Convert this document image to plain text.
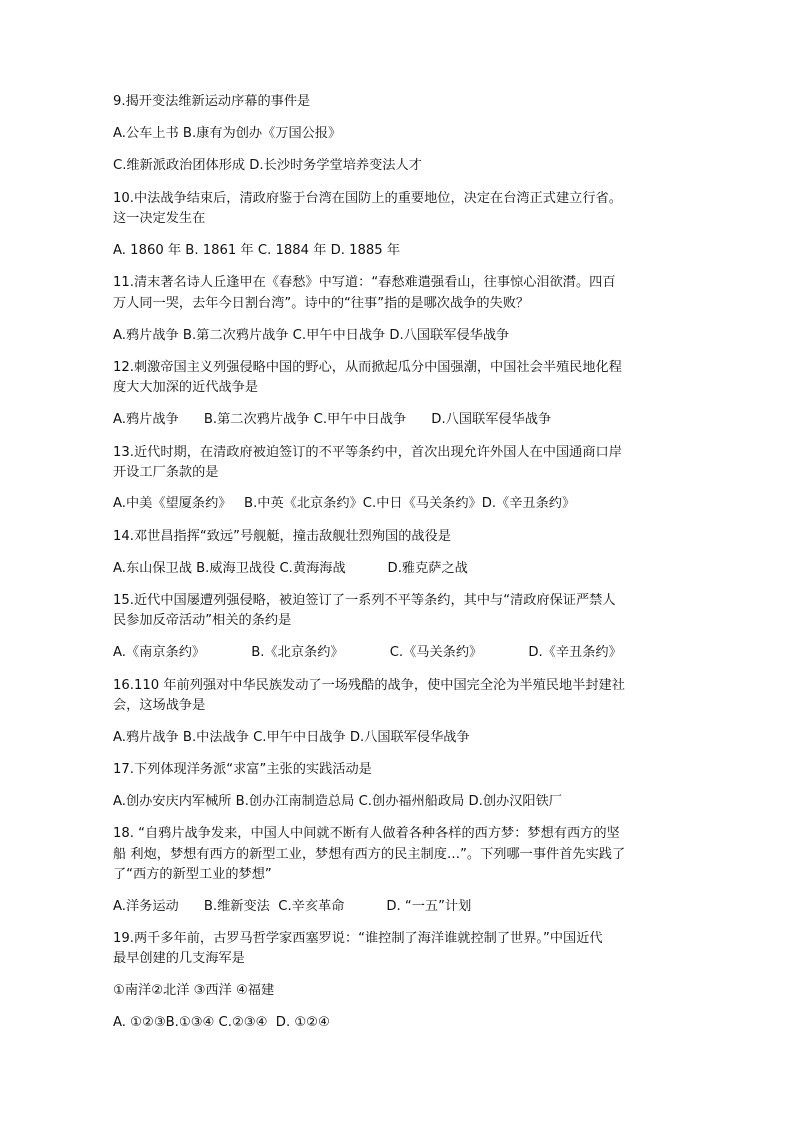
9.揭开变法维新运动序幕的事件是
A.公车上书 B.康有为创办《万国公报》
C.维新派政治团体形成 D.长沙时务学堂培养变法人才
10.中法战争结束后，清政府鉴于台湾在国防上的重要地位，决定在台湾正式建立行省。
这一决定发生在
A. 1860 年 B. 1861 年 C. 1884 年 D. 1885 年
11.清末著名诗人丘逢甲在《春愁》中写道：“春愁难遣强看山，往事惊心泪欲潸。四百
万人同一哭，去年今日割台湾”。诗中的“往事”指的是哪次战争的失败？
A.鸦片战争 B.第二次鸦片战争 C.甲午中日战争 D.八国联军侵华战争
12.刺激帝国主义列强侵略中国的野心，从而掀起瓜分中国强潮，中国社会半殖民地化程
度大大加深的近代战争是
A.鸦片战争      B.第二次鸦片战争 C.甲午中日战争      D.八国联军侵华战争
13.近代时期，在清政府被迫签订的不平等条约中，首次出现允许外国人在中国通商口岸
开设工厂条款的是
A.中美《望厦条约》   B.中英《北京条约》C.中日《马关条约》D.《辛丑条约》
14.邓世昌指挥“致远”号舰艇，撞击敌舰壮烈殉国的战役是
A.东山保卫战 B.威海卫战役 C.黄海海战          D.雅克萨之战
15.近代中国屡遭列强侵略，被迫签订了一系列不平等条约，其中与“清政府保证严禁人
民参加反帝活动”相关的条约是
A.《南京条约》           B.《北京条约》           C.《马关条约》           D.《辛丑条约》
16.110 年前列强对中华民族发动了一场残酷的战争，使中国完全沦为半殖民地半封建社
会，这场战争是
A.鸦片战争 B.中法战争 C.甲午中日战争 D.八国联军侵华战争
17.下列体现洋务派“求富”主张的实践活动是
A.创办安庆内军械所 B.创办江南制造总局 C.创办福州船政局 D.创办汉阳铁厂
18. “自鸦片战争发来，中国人中间就不断有人做着各种各样的西方梦：梦想有西方的坚
船 利炮，梦想有西方的新型工业，梦想有西方的民主制度…”。下列哪一事件首先实践了
了“西方的新型工业的梦想”
A.洋务运动      B.维新变法  C.辛亥革命          D. “一五”计划
19.两千多年前，古罗马哲学家西塞罗说：“谁控制了海洋谁就控制了世界。”中国近代
最早创建的几支海军是
①南洋②北洋 ③西洋 ④福建
A. ①②③B.①③④ C.②③④  D. ①②④
